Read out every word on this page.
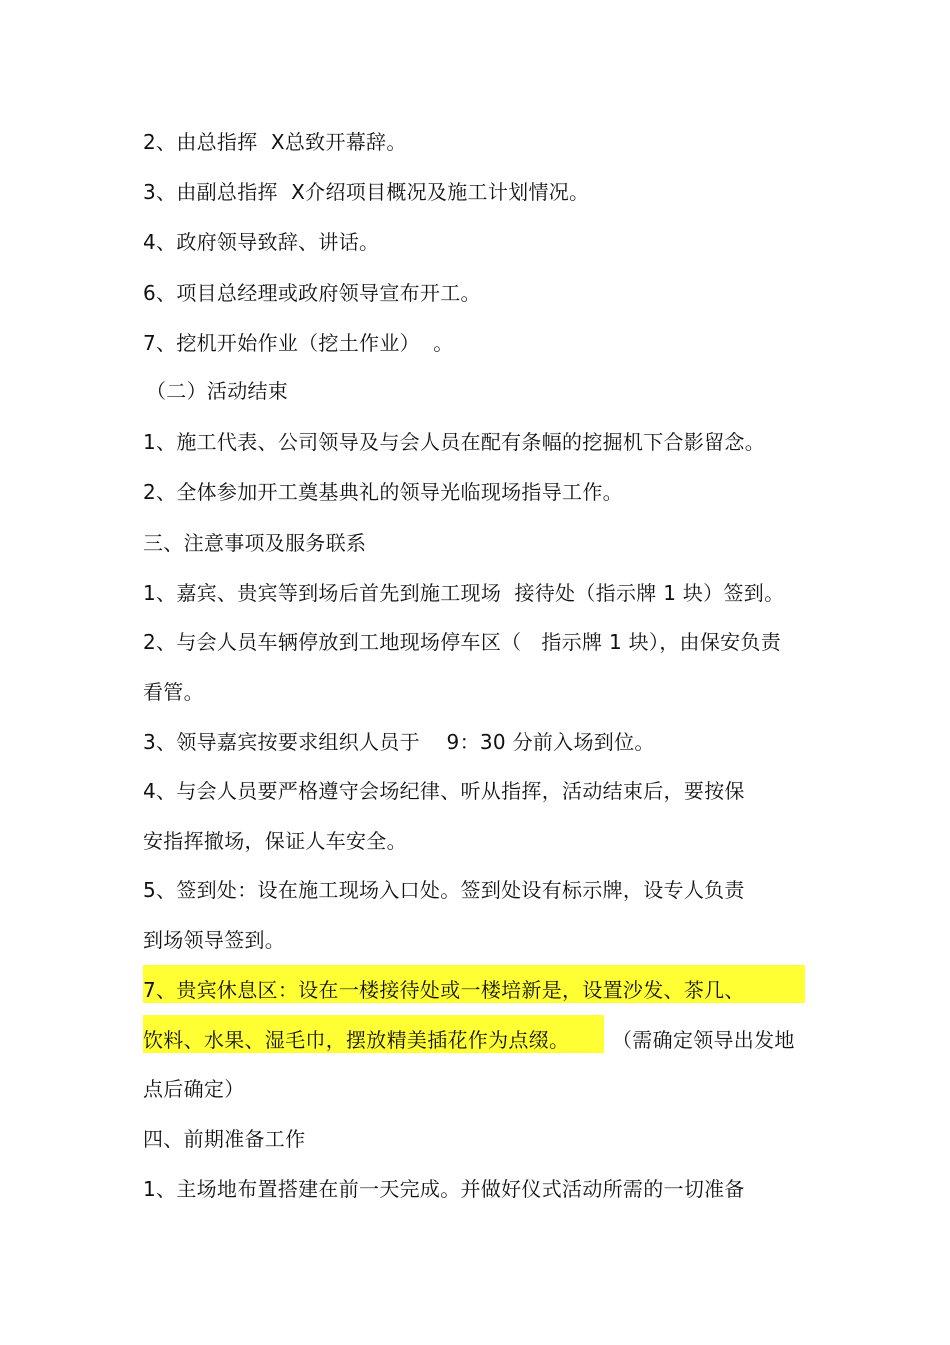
2、由总指挥  X总致开幕辞。
3、由副总指挥  X介绍项目概况及施工计划情况。
4、政府领导致辞、讲话。
6、项目总经理或政府领导宣布开工。
7、挖机开始作业（挖土作业）  。
（二）活动结束
1、施工代表、公司领导及与会人员在配有条幅的挖掘机下合影留念。
2、全体参加开工奠基典礼的领导光临现场指导工作。
三、注意事项及服务联系
1、嘉宾、贵宾等到场后首先到施工现场  接待处（指示牌 1 块）签到。
2、与会人员车辆停放到工地现场停车区（   指示牌 1 块），由保安负责
看管。
3、领导嘉宾按要求组织人员于    9：30 分前入场到位。
4、与会人员要严格遵守会场纪律、听从指挥，活动结束后，要按保
安指挥撤场，保证人车安全。
5、签到处：设在施工现场入口处。签到处设有标示牌，设专人负责
到场领导签到。
7、贵宾休息区：设在一楼接待处或一楼培新是，设置沙发、茶几、
饮料、水果、湿毛巾，摆放精美插花作为点缀。 （需确定领导出发地
点后确定）
四、前期准备工作
1、主场地布置搭建在前一天完成。并做好仪式活动所需的一切准备
